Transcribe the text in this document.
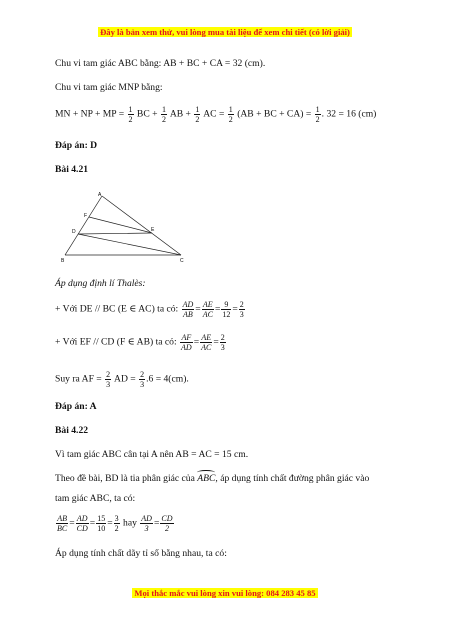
Đây là bản xem thử, vui lòng mua tài liệu để xem chi tiết (có lời giải)
Chu vi tam giác ABC bằng: AB + BC + CA = 32 (cm).
Chu vi tam giác MNP bằng:
MN + NP + MP = $\frac{1}{2}$ BC + $\frac{1}{2}$ AB + $\frac{1}{2}$ AC = $\frac{1}{2} (AB$ + BC + $CA) = \frac{1}{2}$ . 32 = 16 (cm)
Đáp án: D
Bài 4.21
A
F
D	E
B	C
Áp dụng định lí Thalès:
+ Với DE // BC (E ∈ AC) ta có: $\frac{AD}{AB} = \frac{AE}{AC} = \frac{9}{12} = \frac{2}{3}$
+ Với EF // CD (F ∈ AB) ta có: $\frac{AF}{AD} = \frac{AE}{AC} = \frac{2}{3}$
Suy ra AF = $\frac{2}{3}$ AD = $\frac{2}{3} .6 = 4(cm)$.
Đáp án: A
Bài 4.22
Vì tam giác ABC cân tại A nên AB = AC = 15 cm.
Theo đề bài, BD là tia phân giác của ABC, áp dụng tính chất đường phân giác vào
tam giác ABC, ta có:
$\frac{AB}{BC} = \frac{AD}{CD} = \frac{15}{10} = \frac{3}{2}$ hay $\frac{AD}{3} = \frac{CD}{2}$
Áp dụng tính chất dãy tỉ số bằng nhau, ta có:
Mọi thắc mắc vui lòng xin vui lòng: 084 283 45 85
